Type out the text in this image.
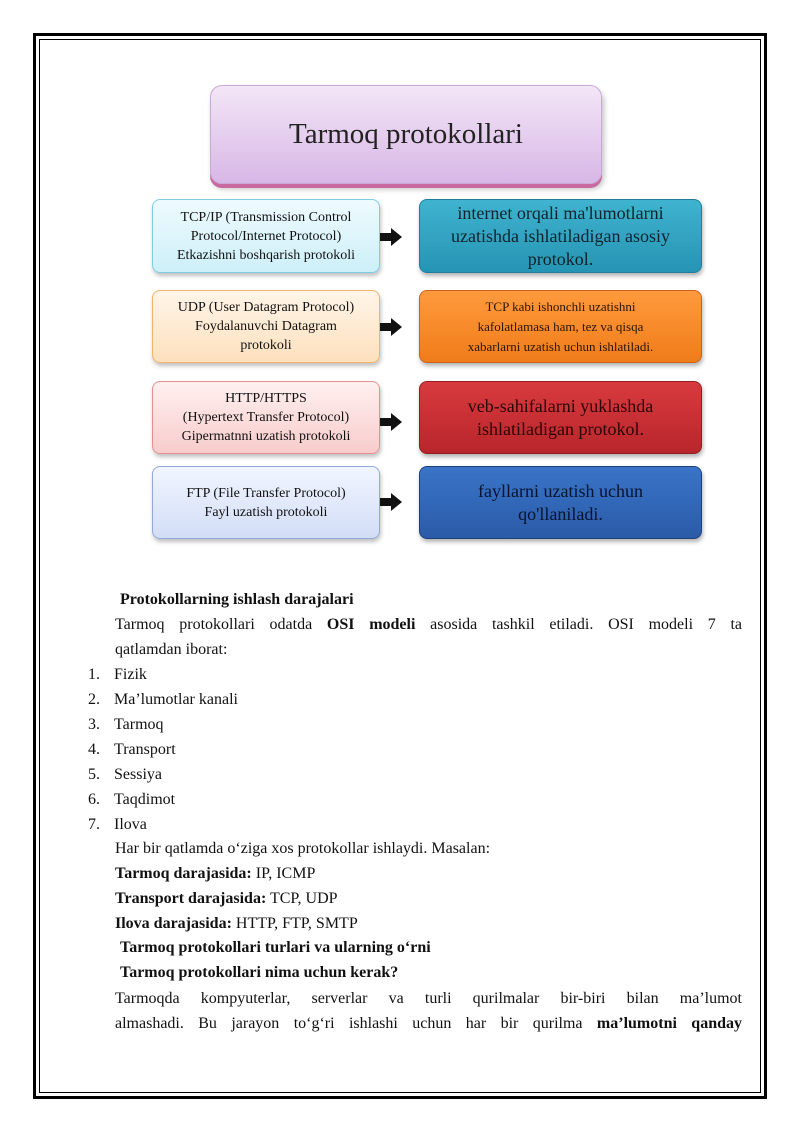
Tarmoq protokollari
TCP/IP (Transmission Control
Protocol/Internet Protocol)
Etkazishni boshqarish protokoli
internet orqali ma'lumotlarni
uzatishda ishlatiladigan asosiy
protokol.
UDP (User Datagram Protocol)
Foydalanuvchi Datagram
protokoli
TCP kabi ishonchli uzatishni
kafolatlamasa ham, tez va qisqa
xabarlarni uzatish uchun ishlatiladi.
HTTP/HTTPS
(Hypertext Transfer Protocol)
Gipermatnni uzatish protokoli
veb-sahifalarni yuklashda
ishlatiladigan protokol.
FTP (File Transfer Protocol)
Fayl uzatish protokoli
fayllarni uzatish uchun
qo'llaniladi.
Protokollarning ishlash darajalari
Tarmoq protokollari odatda OSI modeli asosida tashkil etiladi. OSI modeli 7 ta
qatlamdan iborat:
1. Fizik
2. Ma’lumotlar kanali
3. Tarmoq
4. Transport
5. Sessiya
6. Taqdimot
7. Ilova
Har bir qatlamda o‘ziga xos protokollar ishlaydi. Masalan:
Tarmoq darajasida: IP, ICMP
Transport darajasida: TCP, UDP
Ilova darajasida: HTTP, FTP, SMTP
Tarmoq protokollari turlari va ularning o‘rni
Tarmoq protokollari nima uchun kerak?
Tarmoqda kompyuterlar, serverlar va turli qurilmalar bir-biri bilan ma’lumot
almashadi. Bu jarayon to‘g‘ri ishlashi uchun har bir qurilma ma’lumotni qanday
